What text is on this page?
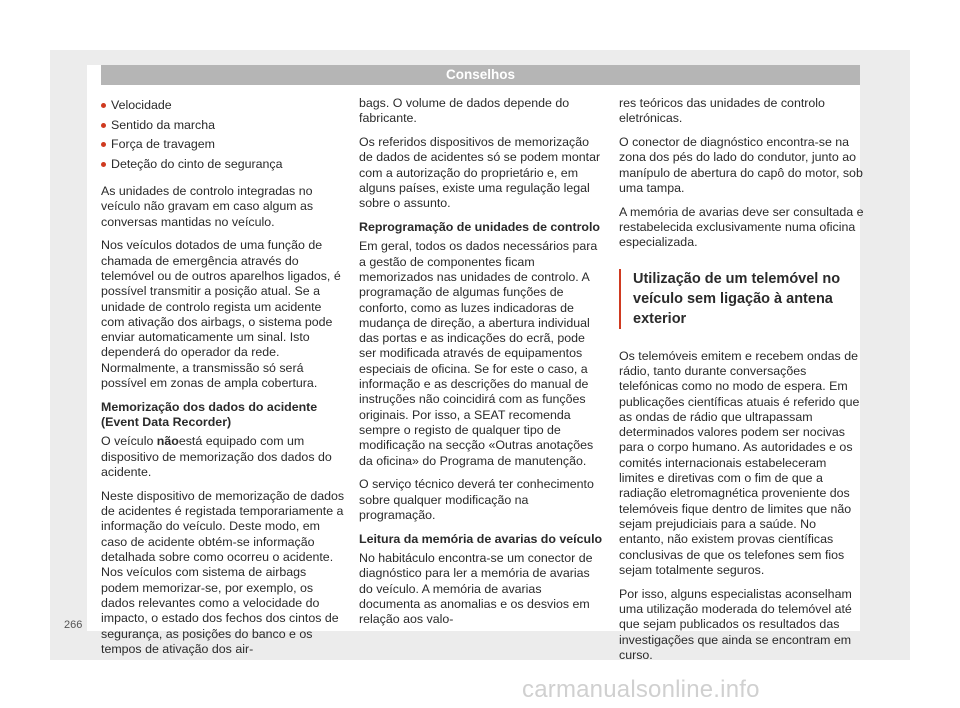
Conselhos
Velocidade
Sentido da marcha
Força de travagem
Deteção do cinto de segurança

As unidades de controlo integradas no veículo não gravam em caso algum as conversas mantidas no veículo.

Nos veículos dotados de uma função de chamada de emergência através do telemóvel ou de outros aparelhos ligados, é possível transmitir a posição atual. Se a unidade de controlo regista um acidente com ativação dos airbags, o sistema pode enviar automaticamente um sinal. Isto dependerá do operador da rede. Normalmente, a transmissão só será possível em zonas de ampla cobertura.

Memorização dos dados do acidente (Event Data Recorder)

O veículo nãoestá equipado com um dispositivo de memorização dos dados do acidente.

Neste dispositivo de memorização de dados de acidentes é registada temporariamente a informação do veículo. Deste modo, em caso de acidente obtém-se informação detalhada sobre como ocorreu o acidente. Nos veículos com sistema de airbags podem memorizar-se, por exemplo, os dados relevantes como a velocidade do impacto, o estado dos fechos dos cintos de segurança, as posições do banco e os tempos de ativação dos air-

bags. O volume de dados depende do fabricante.

Os referidos dispositivos de memorização de dados de acidentes só se podem montar com a autorização do proprietário e, em alguns países, existe uma regulação legal sobre o assunto.

Reprogramação de unidades de controlo

Em geral, todos os dados necessários para a gestão de componentes ficam memorizados nas unidades de controlo. A programação de algumas funções de conforto, como as luzes indicadoras de mudança de direção, a abertura individual das portas e as indicações do ecrã, pode ser modificada através de equipamentos especiais de oficina. Se for este o caso, a informação e as descrições do manual de instruções não coincidirá com as funções originais. Por isso, a SEAT recomenda sempre o registo de qualquer tipo de modificação na secção «Outras anotações da oficina» do Programa de manutenção.

O serviço técnico deverá ter conhecimento sobre qualquer modificação na programação.

Leitura da memória de avarias do veículo

No habitáculo encontra-se um conector de diagnóstico para ler a memória de avarias do veículo. A memória de avarias documenta as anomalias e os desvios em relação aos valo-

res teóricos das unidades de controlo eletrónicas.

O conector de diagnóstico encontra-se na zona dos pés do lado do condutor, junto ao manípulo de abertura do capô do motor, sob uma tampa.

A memória de avarias deve ser consultada e restabelecida exclusivamente numa oficina especializada.

Utilização de um telemóvel no veículo sem ligação à antena exterior

Os telemóveis emitem e recebem ondas de rádio, tanto durante conversações telefónicas como no modo de espera. Em publicações científicas atuais é referido que as ondas de rádio que ultrapassam determinados valores podem ser nocivas para o corpo humano. As autoridades e os comités internacionais estabeleceram limites e diretivas com o fim de que a radiação eletromagnética proveniente dos telemóveis fique dentro de limites que não sejam prejudiciais para a saúde. No entanto, não existem provas científicas conclusivas de que os telefones sem fios sejam totalmente seguros.

Por isso, alguns especialistas aconselham uma utilização moderada do telemóvel até que sejam publicados os resultados das investigações que ainda se encontram em curso.

266
carmanualsonline.info
